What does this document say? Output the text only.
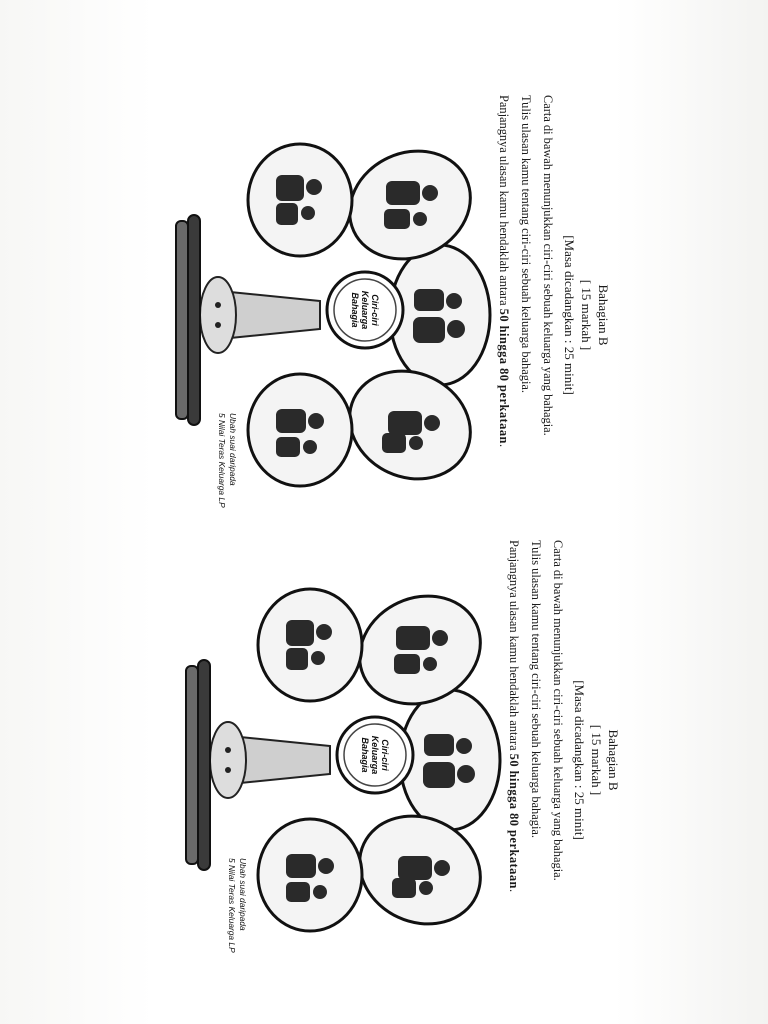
Bahagian B
[ 15 markah ]
[Masa dicadangkan : 25 minit]
Carta di bawah menunjukkan ciri-ciri sebuah keluarga yang bahagia.
Tulis ulasan kamu tentang ciri-ciri sebuah keluarga bahagia.
Panjangnya ulasan kamu hendaklah antara 50 hingga 80 perkataan.
Ciri-ciri
Keluarga
Bahagia
Ubah suai daripada
5 Nilai Teras Keluarga LP
Bahagian B
[ 15 markah ]
[Masa dicadangkan : 25 minit]
Carta di bawah menunjukkan ciri-ciri sebuah keluarga yang bahagia.
Tulis ulasan kamu tentang ciri-ciri sebuah keluarga bahagia.
Panjangnya ulasan kamu hendaklah antara 50 hingga 80 perkataan.
Ciri-ciri
Keluarga
Bahagia
Ubah suai daripada
5 Nilai Teras Keluarga LP
